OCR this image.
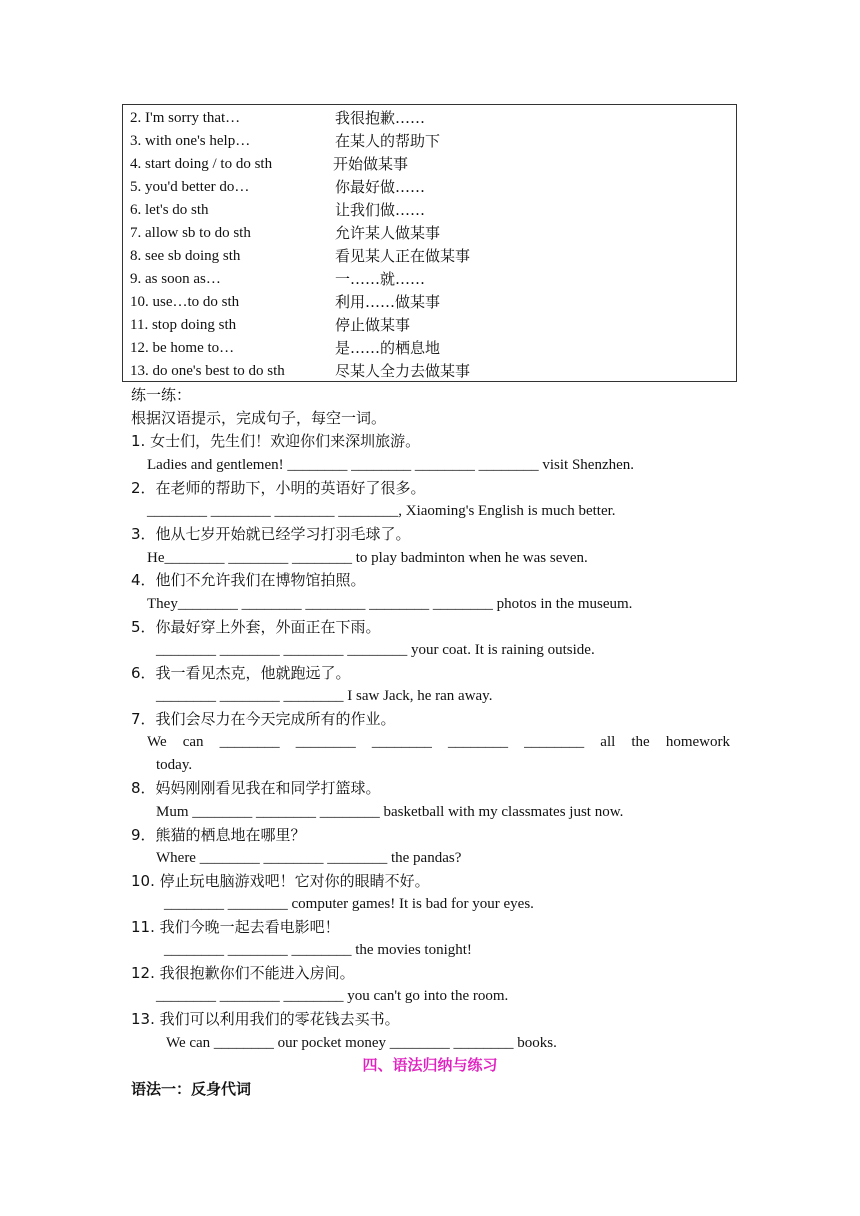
2. I'm sorry that…	我很抱歉……
3. with one's help…	在某人的帮助下
4. start doing / to do sth	开始做某事
5. you'd better do…	你最好做……
6. let's do sth	让我们做……
7. allow sb to do sth	允许某人做某事
8. see sb doing sth	看见某人正在做某事
9. as soon as…	一……就……
10. use…to do sth	利用……做某事
11. stop doing sth	停止做某事
12. be home to…	是……的栖息地
13. do one's best to do sth	尽某人全力去做某事
练一练：
根据汉语提示，完成句子，每空一词。
1. 女士们，先生们！欢迎你们来深圳旅游。
Ladies and gentlemen! ________ ________ ________ ________ visit Shenzhen.
2．在老师的帮助下，小明的英语好了很多。
________ ________ ________ ________, Xiaoming's English is much better.
3．他从七岁开始就已经学习打羽毛球了。
He________ ________ ________ to play badminton when he was seven.
4．他们不允许我们在博物馆拍照。
They________ ________ ________ ________ ________ photos in the museum.
5．你最好穿上外套，外面正在下雨。
________ ________ ________ ________ your coat. It is raining outside.
6．我一看见杰克，他就跑远了。
________ ________ ________ I saw Jack, he ran away.
7．我们会尽力在今天完成所有的作业。
We can ________ ________ ________ ________ ________ all the homework
today.
8．妈妈刚刚看见我在和同学打篮球。
Mum ________ ________ ________ basketball with my classmates just now.
9．熊猫的栖息地在哪里？
Where ________ ________ ________ the pandas?
10. 停止玩电脑游戏吧！它对你的眼睛不好。
________ ________ computer games! It is bad for your eyes.
11. 我们今晚一起去看电影吧！
________ ________ ________ the movies tonight!
12. 我很抱歉你们不能进入房间。
________ ________ ________ you can't go into the room.
13. 我们可以利用我们的零花钱去买书。
We can ________ our pocket money ________ ________ books.
四、语法归纳与练习
语法一：反身代词
